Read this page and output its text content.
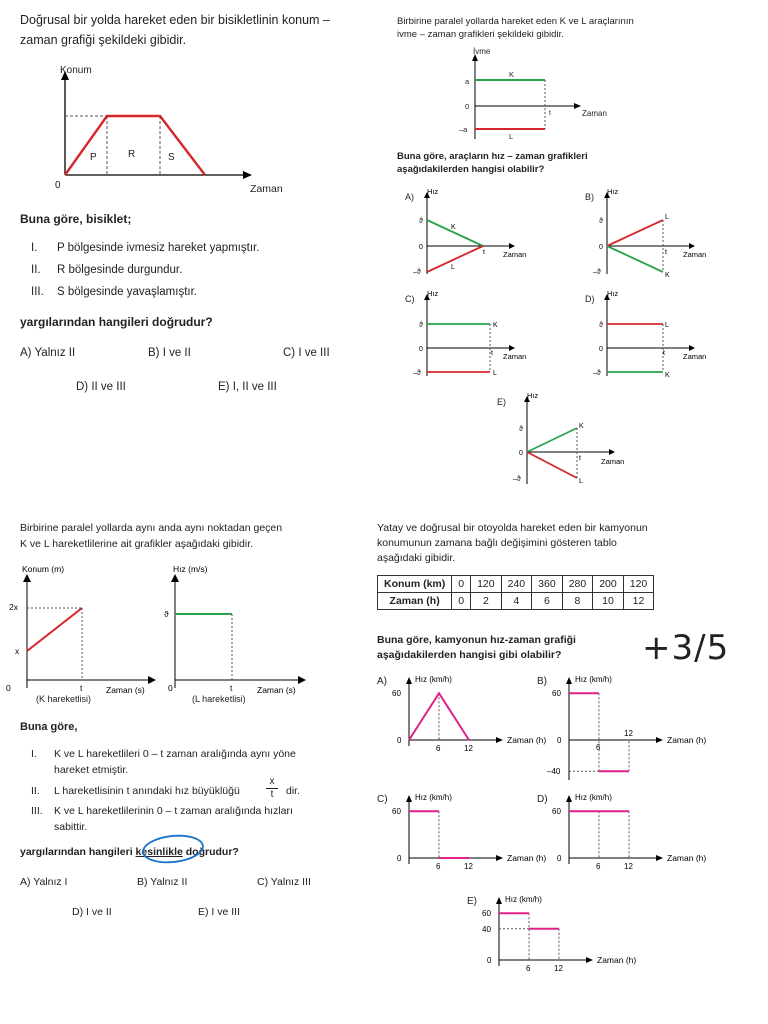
Doğrusal bir yolda hareket eden bir bisikletlinin konum –
zaman grafiği şekildeki gibidir.
Konum
0	Zaman
P	R	S
Buna göre, bisiklet;
I. P bölgesinde ivmesiz hareket yapmıştır.
II. R bölgesinde durgundur.
III. S bölgesinde yavaşlamıştır.
yargılarından hangileri doğrudur?
A) Yalnız II	B) I ve II	C) I ve III
D) II ve III	E) I, II ve III
Birbirine paralel yollarda hareket eden K ve L araçlarının
ivme – zaman grafikleri şekildeki gibidir.
İvme
a
0
–a
t	Zaman
K
L
Buna göre, araçların hız – zaman grafikleri
aşağıdakilerden hangisi olabilir?
A)
Hız
ϑ
0
–ϑ
t Zaman
K
L
B)
Hız
ϑ
0
–ϑ
t Zaman
L
K
C)
Hız
ϑ
0
–ϑ
t Zaman
K
L
D)
Hız
ϑ
0
–ϑ
t Zaman
L
K
E)
Hız
ϑ
0
–ϑ
t	Zaman
K
L
Birbirine paralel yollarda aynı anda aynı noktadan geçen
K ve L hareketlilerine ait grafikler aşağıdaki gibidir.
Konum (m)
2x
x
0	t	Zaman (s)
(K hareketlisi)
Hız (m/s)
ϑ
0	t	Zaman (s)
(L hareketlisi)
Buna göre,
I. K ve L hareketlileri 0 – t zaman aralığında aynı yöne
hareket etmiştir.
II. L hareketlisinin t anındaki hız büyüklüğü	$\frac{x}{t}$ dir.
III. K ve L hareketlilerinin 0 – t zaman aralığında hızları
sabittir.
yargılarından hangileri kesinlikle doğrudur?
A) Yalnız I	B) Yalnız II	C) Yalnız III
D) I ve II	E) I ve III
Yatay ve doğrusal bir otoyolda hareket eden bir kamyonun
konumunun zamana bağlı değişimini gösteren tablo
aşağıdaki gibidir.
Konum (km)	0	120	240	360	280	200	120
Zaman (h)	0	2	4	6	8	10	12
Buna göre, kamyonun hız-zaman grafiği
aşağıdakilerden hangisi gibi olabilir? +3/5
A)	Hız (km/h)
Zaman (h)
0
60
6	12
B)	Hız (km/h)
Zaman (h)
0
60
–40
6
12
C)	Hız (km/h)
Zaman (h)
0
60
6	12
D)	Hız (km/h)
Zaman (h)
0
60
6	12
E)	Hız (km/h)
Zaman (h)
0
60
40
6	12
